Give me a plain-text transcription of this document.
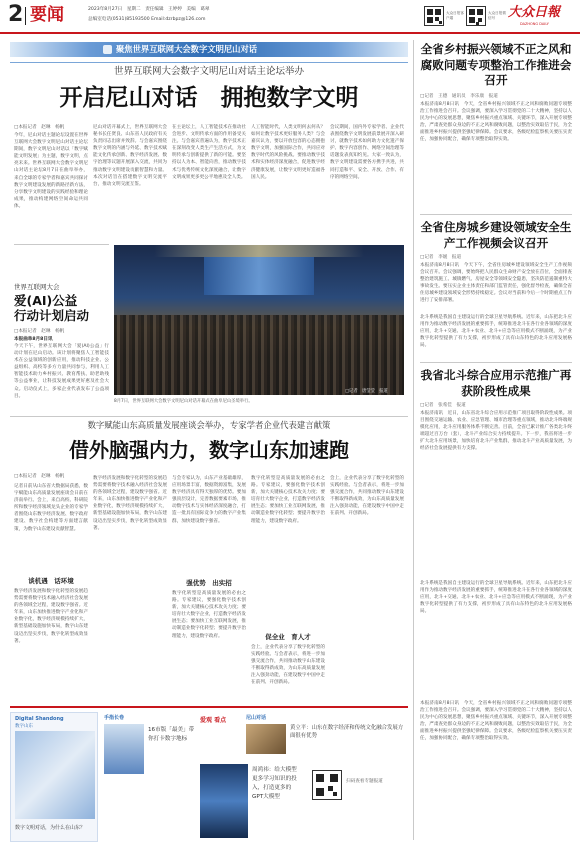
2 要闻	2023年8月27日　星期二　责任编辑　王婷婷　美编　葛翠
总编室电话(0531)85193500 Email:dzrbpz@126.com
大众日报客户端
大众日报微信号 大众日報
DAZHONG DAILY
聚焦世界互联网大会数字文明尼山对话
世界互联网大会数字文明尼山对话主论坛举办
开启尼山对话　拥抱数字文明
□本报记者　赵琳　杨帆
今年，尼山对话主题论坛设置在世界互联网大会数字文明尼山对话主论坛期间，数字文明尼山对话以「数字赋能文明发展」为主题，数字文明，点亮未来。世界互联网大会数字文明尼山对话主论坛8月7日在曲阜举办，来自全球的专家学者和嘉宾共同探讨数字文明建设发展的新路径新方法，分享数字文明建设的实践经验和理论成果，推动构建网络空间命运共同体。
尼山对话开幕式上，世界互联网大会秘书长任贤良、山东省人民政府有关负责同志出席并致辞。与会嘉宾围绕数字文明的内涵与外延、数字技术赋能文化传承创新、数字经济发展、数字治理等议题开展深入交流，共同为推动数字文明建设贡献智慧和力量。本次对话旨在搭建数字文明交流平台，推动文明交流互鉴。
在主论坛上，人工智能技术在推动社会进步、文明传承方面的作用备受关注。与会嘉宾普遍认为，数字技术正在深刻改变人类生产生活方式，为文明传承与创新提供了新的可能。要坚持以人为本、智能向善，推动数字技术与优秀传统文化深度融合，让数字文明成果更多更公平地惠及全人类。
人工智能时代，人类文明何去何从？如何让数字技术更好服务人类？与会嘉宾认为，要以开放包容的心态拥抱数字文明，加强国际合作，共同应对数字时代的风险挑战。要推动数字技术和实体经济深度融合，促进数字经济健康发展，让数字文明更好造福各国人民。
会议期间，国内外专家学者、企业代表围绕数字文明发展前景展开深入研讨，就数字技术如何助力文化遗产保护、数字内容创作、网络空间治理等话题发表真知灼见。大家一致认为，数字文明建设需要各方携手共进，共同打造和平、安全、开放、合作、有序的网络空间。
8月7日，世界互联网大会数字文明尼山对话开幕式在曲阜尼山圣境举行。
□记者　唐莹莹　报道
世界互联网大会
爱(AI)公益
行动计划启动
□本报记者　赵琳　杨帆
本报曲阜8月8日讯
今天下午，世界互联网大会「爱(AI)公益」行动计划在尼山启动。该计划将聚焦人工智能技术在公益领域的创新应用，推动科技企业、公益组织、高校等多方力量共同参与，利用人工智能技术助力乡村振兴、教育帮扶、助老助残等公益事业，让科技发展成果更好惠及社会大众。启动仪式上，多家企业代表发布了公益项目。
数字赋能山东高质量发展座谈会举办，专家学者企业代表建言献策
借外脑强内力，数字山东加速跑
□本报记者　赵琳　杨帆
记者日前从山东省大数据局获悉，数字赋能山东高质量发展座谈会日前在济南举行。会上，来自高校、科研院所和数字经济领域龙头企业的专家学者围绕山东数字经济发展、数字政府建设、数字社会构建等方面建言献策，为数字山东建设贡献智慧。
谈机遇　话环境
数字经济发展和数字化转型的发展趋势需要将数字技术融入经济社会发展的各领域全过程，建设数字强省。近年来，山东加快推进数字产业化和产业数字化，数字经济规模持续扩大，新型基础设施加快布局，数字山东建设迈出坚实步伐，数字化转型成效显著。
数字经济发展和数字化转型的发展趋势需要将数字技术融入经济社会发展的各领域全过程，建设数字强省。近年来，山东加快推进数字产业化和产业数字化，数字经济规模持续扩大，新型基础设施加快布局，数字山东建设迈出坚实步伐，数字化转型成效显著。
与会专家认为，山东产业基础雄厚，应用场景丰富，数据资源富集，发展数字经济具有得天独厚的优势。要加强顶层设计，完善数据要素市场，推动数字技术与实体经济深度融合，打造一批具有国际竞争力的数字产业集群，加快建设数字强省。
强优势　出实招
数字化转型是高质量发展的必由之路。专家建议，要强化数字技术创新，加大关键核心技术攻关力度；要培育壮大数字企业，打造数字经济发展生态；要加快工业互联网发展，推动制造业数字化转型；要提升数字治理能力，建设数字政府。
数字化转型是高质量发展的必由之路。专家建议，要强化数字技术创新，加大关键核心技术攻关力度；要培育壮大数字企业，打造数字经济发展生态；要加快工业互联网发展，推动制造业数字化转型；要提升数字治理能力，建设数字政府。
促全业　育人才
会上，企业代表分享了数字化转型的实践经验。与会者表示，将进一步加强交流合作，共同推动数字山东建设不断取得新成效，为山东高质量发展注入强劲动能，在建设数字中国中走在前列、开创新局。
会上，企业代表分享了数字化转型的实践经验。与会者表示，将进一步加强交流合作，共同推动数字山东建设不断取得新成效，为山东高质量发展注入强劲动能，在建设数字中国中走在前列、开创新局。
Digital Shandong
数字山东
数字文明对话，为什么在山东？
手指长卷
16市版「最美」带你打卡数字地标
尼山对话
黄立平：山东在数字经济和传统文化融合发展方面很有优势
爱观 看点
周鸿祎：给大模型更多学习知识的投入，打造更多的GPT大模型
扫码查看专题报道
全省乡村振兴领域不正之风和腐败问题专项整治工作推进会召开
□记者　王德　通讯员　李乐康　报道
本报济南8月8日讯　今天，全省乡村振兴领域不正之风和腐败问题专项整治工作推进会召开。会议强调，要深入学习贯彻党的二十大精神，坚持以人民为中心的发展思想，聚焦乡村振兴重点领域、关键环节，深入开展专项整治，严肃查处群众身边的不正之风和腐败问题，以整治实效取信于民，为全面推进乡村振兴提供坚强纪律保障。会议要求，各级纪检监察机关要压实责任，加强协同配合，确保专项整治取得实效。
全省住房城乡建设领域安全生产工作视频会议召开
□记者　李媛　报道
本报济南8月8日讯　今天下午，全省住房城乡建设领域安全生产工作视频会议召开。会议强调，要始终把人民群众生命财产安全放在首位，全面排查整治建筑施工、城镇燃气、房屋安全等领域安全隐患，坚决防范遏制重特大事故发生。要压实企业主体责任和部门监管责任，强化督导检查，确保全省住房城乡建设领域安全形势持续稳定。会议对当前和今后一个时期重点工作进行了安排部署。
北斗系统是我国自主建设运行的全球卫星导航系统。近年来，山东把北斗应用作为推动数字经济发展的重要抓手，统筹推进北斗在各行业各领域的深度应用，北斗+交通、北斗+农业、北斗+应急等应用模式不断涌现，为产业数字化转型提供了有力支撑，初步形成了具有山东特色的北斗应用发展格局。
我省北斗综合应用示范推广再获阶段性成果
□记者　张希佳　报道
本报济南讯　近日，山东省北斗综合应用示范推广项目取得阶段性成果。项目围绕交通运输、农业、应急管理、城市治理等重点领域，推动北斗终端规模化应用，北斗应用服务体系不断完善。目前，全省已累计推广各类北斗终端超过百万台（套），北斗产业综合实力持续提升。下一步，我省将进一步扩大北斗应用场景，加快培育北斗产业集群，推动北斗产业高质量发展，为经济社会发展提供有力支撑。
北斗系统是我国自主建设运行的全球卫星导航系统。近年来，山东把北斗应用作为推动数字经济发展的重要抓手，统筹推进北斗在各行业各领域的深度应用，北斗+交通、北斗+农业、北斗+应急等应用模式不断涌现，为产业数字化转型提供了有力支撑，初步形成了具有山东特色的北斗应用发展格局。
本报济南8月8日讯　今天，全省乡村振兴领域不正之风和腐败问题专项整治工作推进会召开。会议强调，要深入学习贯彻党的二十大精神，坚持以人民为中心的发展思想，聚焦乡村振兴重点领域、关键环节，深入开展专项整治，严肃查处群众身边的不正之风和腐败问题，以整治实效取信于民，为全面推进乡村振兴提供坚强纪律保障。会议要求，各级纪检监察机关要压实责任，加强协同配合，确保专项整治取得实效。
